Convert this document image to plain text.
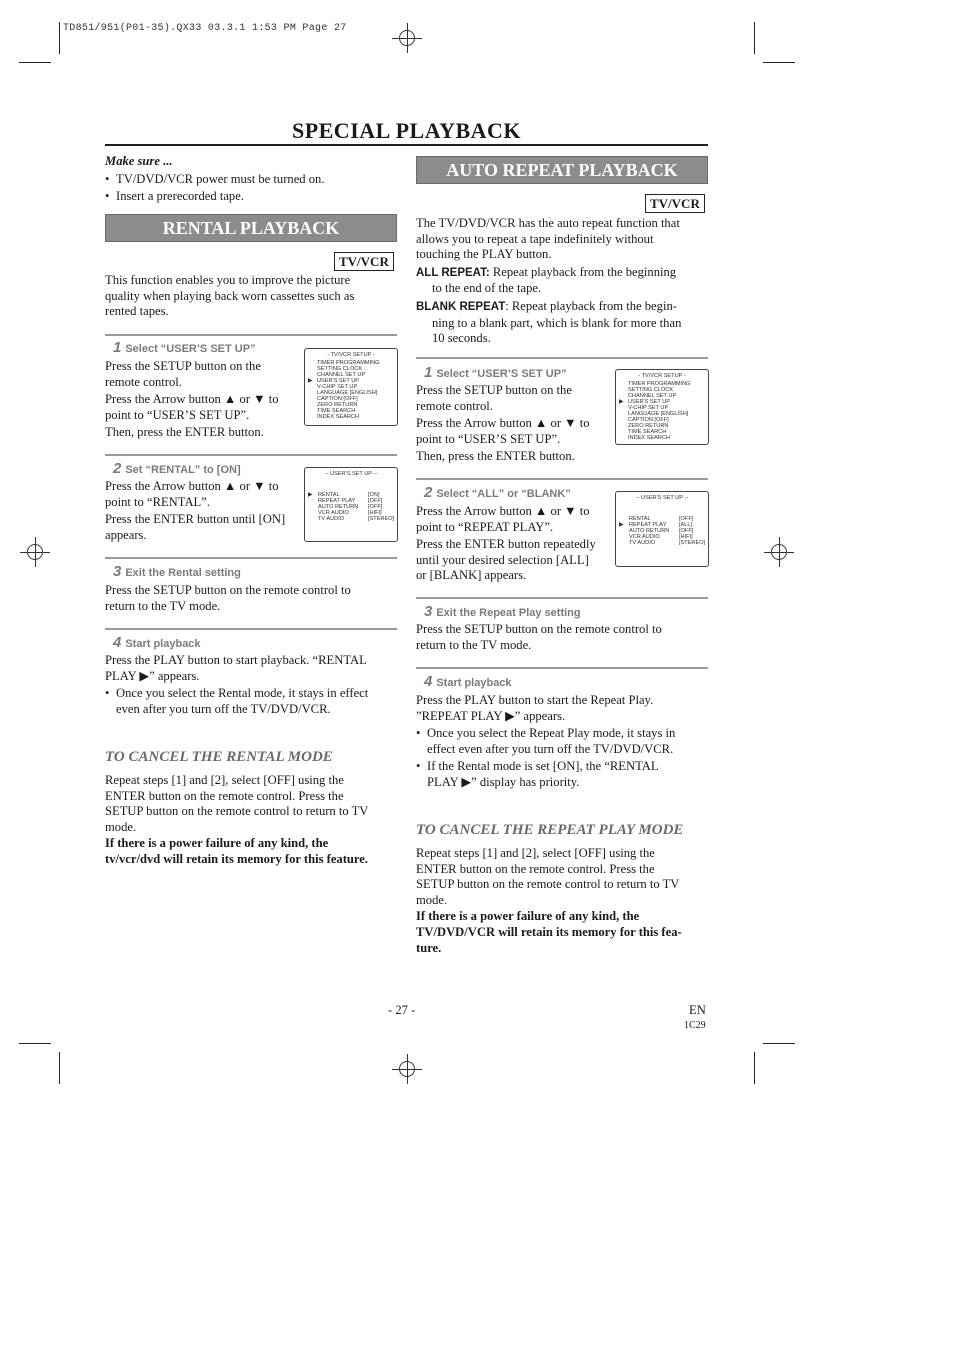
TD851/951(P01-35).QX33 03.3.1 1:53 PM Page 27
SPECIAL PLAYBACK
Make sure ...
• TV/DVD/VCR power must be turned on.
• Insert a prerecorded tape.
RENTAL PLAYBACK
TV/VCR
This function enables you to improve the picture
quality when playing back worn cassettes such as
rented tapes.
1 Select “USER’S SET UP”
Press the SETUP button on the
remote control.
Press the Arrow button ▲ or ▼ to
point to “USER’S SET UP”.
Then, press the ENTER button.
- TV/VCR SETUP -
▶
TIMER PROGRAMMING
SETTING CLOCK
CHANNEL SET UP
USER'S SET UP
V-CHIP SET UP
LANGUAGE [ENGLISH]
CAPTION [OFF]
ZERO RETURN
TIME SEARCH
INDEX SEARCH
2 Set “RENTAL” to [ON]
Press the Arrow button ▲ or ▼ to
point to “RENTAL”.
Press the ENTER button until [ON]
appears.
-- USER'S SET UP --
▶ RENTAL
REPEAT PLAY
AUTO RETURN
VCR AUDIO
TV AUDIO
[ON]
[OFF]
[OFF]
[HIFI]
[STEREO]
3 Exit the Rental setting
Press the SETUP button on the remote control to
return to the TV mode.
4 Start playback
Press the PLAY button to start playback. “RENTAL
PLAY ▶” appears.
• Once you select the Rental mode, it stays in effect
even after you turn off the TV/DVD/VCR.
TO CANCEL THE RENTAL MODE
Repeat steps [1] and [2], select [OFF] using the
ENTER button on the remote control. Press the
SETUP button on the remote control to return to TV
mode.
If there is a power failure of any kind, the
tv/vcr/dvd will retain its memory for this feature.
AUTO REPEAT PLAYBACK
TV/VCR
The TV/DVD/VCR has the auto repeat function that
allows you to repeat a tape indefinitely without
touching the PLAY button.
ALL REPEAT: Repeat playback from the beginning
to the end of the tape.
BLANK REPEAT: Repeat playback from the begin-
ning to a blank part, which is blank for more than
10 seconds.
1 Select “USER’S SET UP”
Press the SETUP button on the
remote control.
Press the Arrow button ▲ or ▼ to
point to “USER’S SET UP”.
Then, press the ENTER button.
- TV/VCR SETUP -
▶
TIMER PROGRAMMING
SETTING CLOCK
CHANNEL SET UP
USER'S SET UP
V-CHIP SET UP
LANGUAGE [ENGLISH]
CAPTION [OFF]
ZERO RETURN
TIME SEARCH
INDEX SEARCH
2 Select “ALL” or “BLANK”
Press the Arrow button ▲ or ▼ to
point to “REPEAT PLAY”.
Press the ENTER button repeatedly
until your desired selection [ALL]
or [BLANK] appears.
-- USER'S SET UP --
▶
RENTAL
REPEAT PLAY
AUTO RETURN
VCR AUDIO
TV AUDIO
[OFF]
[ALL]
[OFF]
[HIFI]
[STEREO]
3 Exit the Repeat Play setting
Press the SETUP button on the remote control to
return to the TV mode.
4 Start playback
Press the PLAY button to start the Repeat Play.
”REPEAT PLAY ▶” appears.
• Once you select the Repeat Play mode, it stays in
effect even after you turn off the TV/DVD/VCR.
• If the Rental mode is set [ON], the “RENTAL
PLAY ▶” display has priority.
TO CANCEL THE REPEAT PLAY MODE
Repeat steps [1] and [2], select [OFF] using the
ENTER button on the remote control. Press the
SETUP button on the remote control to return to TV
mode.
If there is a power failure of any kind, the
TV/DVD/VCR will retain its memory for this fea-
ture.
- 27 -	EN
1C29
